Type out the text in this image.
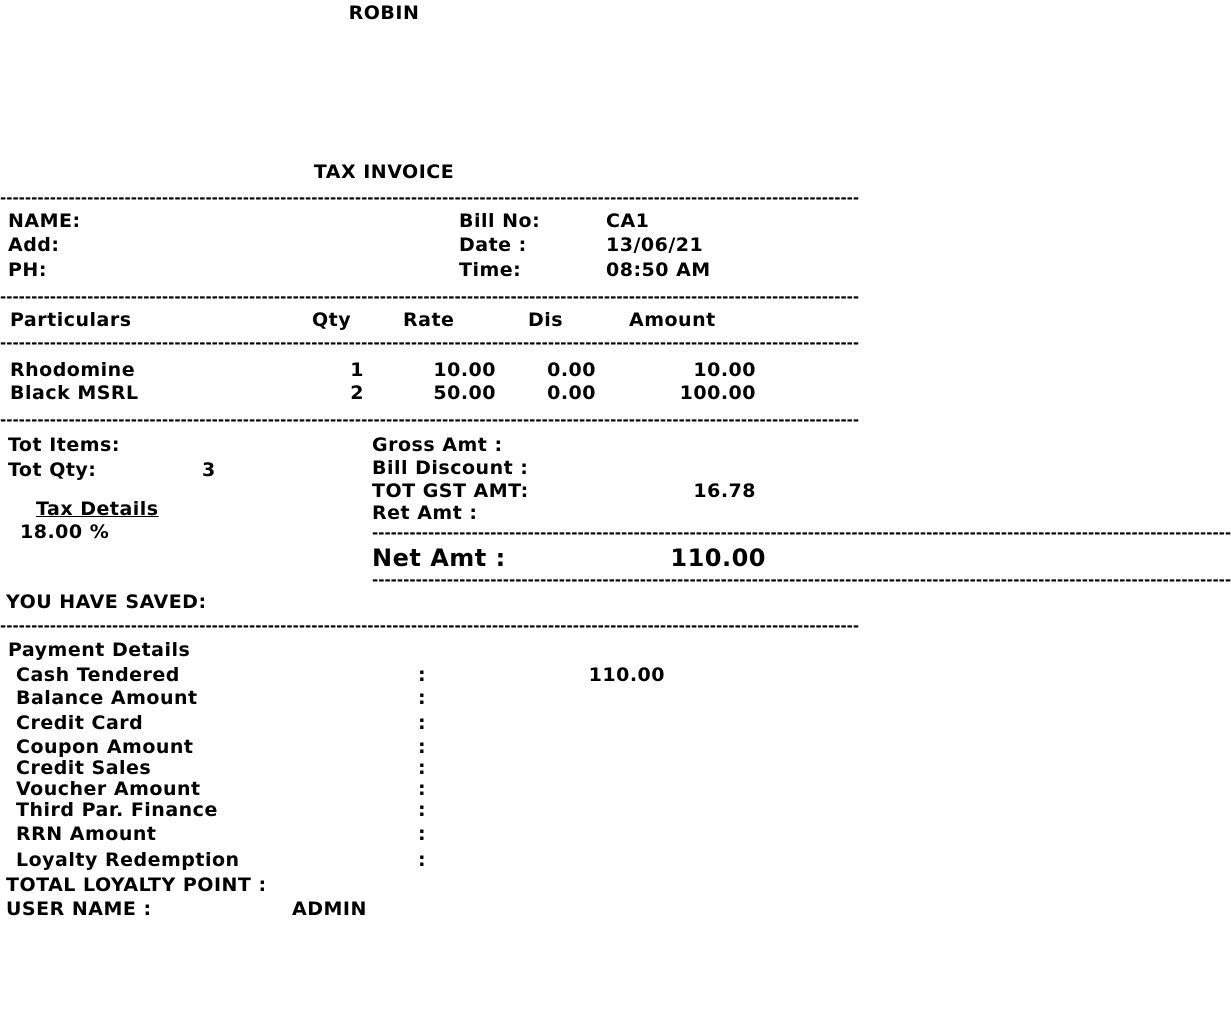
ROBIN
TAX INVOICE
------------------------------------------------------------------------------------------------------------------------------------------
NAME:
Add:
PH:
Bill No:	CA1
Date :	13/06/21
Time:	08:50 AM
------------------------------------------------------------------------------------------------------------------------------------------
Particulars	Qty	Rate	Dis	Amount
------------------------------------------------------------------------------------------------------------------------------------------
Rhodomine	1	10.00	0.00	10.00
Black MSRL	2	50.00	0.00	100.00
------------------------------------------------------------------------------------------------------------------------------------------
Tot Items:
Tot Qty:	3
Tax Details
18.00 %
Gross Amt :
Bill Discount :
TOT GST AMT:	16.78
Ret Amt :
------------------------------------------------------------------------------------------------------------------------------------------
Net Amt :	110.00
------------------------------------------------------------------------------------------------------------------------------------------
YOU HAVE SAVED:
------------------------------------------------------------------------------------------------------------------------------------------
Payment Details
Cash Tendered	:	110.00
Balance Amount	:
Credit Card	:
Coupon Amount	:
Credit Sales	:
Voucher Amount	:
Third Par. Finance	:
RRN Amount	:
Loyalty Redemption	:
TOTAL LOYALTY POINT :
USER NAME :	ADMIN
